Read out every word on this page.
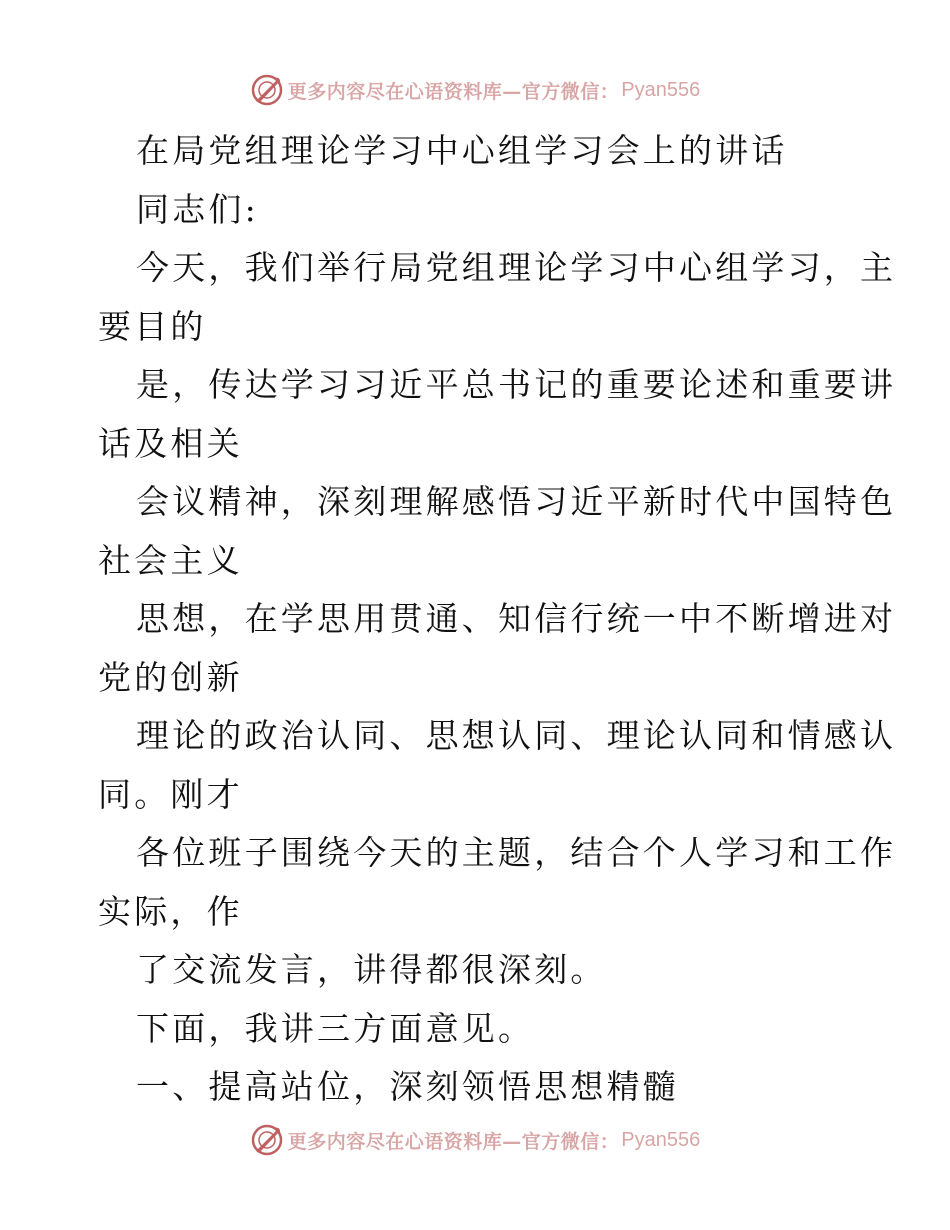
更多内容尽在心语资料库—官方微信： Pyan556
在局党组理论学习中心组学习会上的讲话
同志们:
今天，我们举行局党组理论学习中心组学习，主
要目的
是，传达学习习近平总书记的重要论述和重要讲
话及相关
会议精神，深刻理解感悟习近平新时代中国特色
社会主义
思想，在学思用贯通、知信行统一中不断增进对
党的创新
理论的政治认同、思想认同、理论认同和情感认
同。刚才
各位班子围绕今天的主题，结合个人学习和工作
实际，作
了交流发言，讲得都很深刻。
下面，我讲三方面意见。
一、提高站位，深刻领悟思想精髓
更多内容尽在心语资料库—官方微信： Pyan556
